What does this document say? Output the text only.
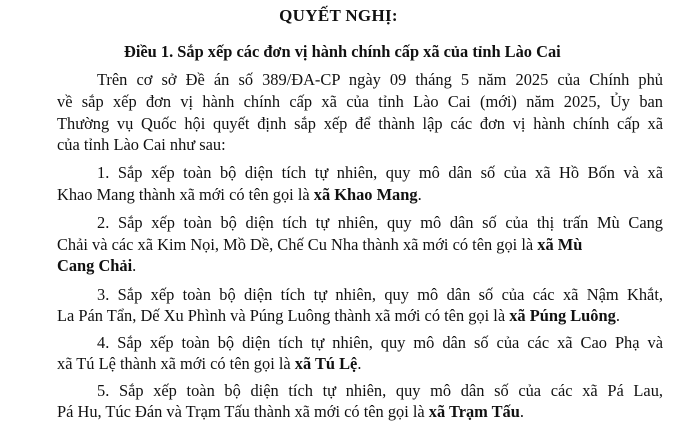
QUYẾT NGHỊ:
Điều 1. Sắp xếp các đơn vị hành chính cấp xã của tỉnh Lào Cai
Trên cơ sở Đề án số 389/ĐA-CP ngày 09 tháng 5 năm 2025 của Chính phủ
về sắp xếp đơn vị hành chính cấp xã của tỉnh Lào Cai (mới) năm 2025, Ủy ban
Thường vụ Quốc hội quyết định sắp xếp để thành lập các đơn vị hành chính cấp xã
của tỉnh Lào Cai như sau:
1. Sắp xếp toàn bộ diện tích tự nhiên, quy mô dân số của xã Hồ Bốn và xã
Khao Mang thành xã mới có tên gọi là xã Khao Mang.
2. Sắp xếp toàn bộ diện tích tự nhiên, quy mô dân số của thị trấn Mù Cang
Chải và các xã Kim Nọi, Mồ Dề, Chế Cu Nha thành xã mới có tên gọi là xã Mù
Cang Chải.
3. Sắp xếp toàn bộ diện tích tự nhiên, quy mô dân số của các xã Nậm Khắt,
La Pán Tẩn, Dế Xu Phình và Púng Luông thành xã mới có tên gọi là xã Púng Luông.
4. Sắp xếp toàn bộ diện tích tự nhiên, quy mô dân số của các xã Cao Phạ và
xã Tú Lệ thành xã mới có tên gọi là xã Tú Lệ.
5. Sắp xếp toàn bộ diện tích tự nhiên, quy mô dân số của các xã Pá Lau,
Pá Hu, Túc Đán và Trạm Tấu thành xã mới có tên gọi là xã Trạm Tấu.
